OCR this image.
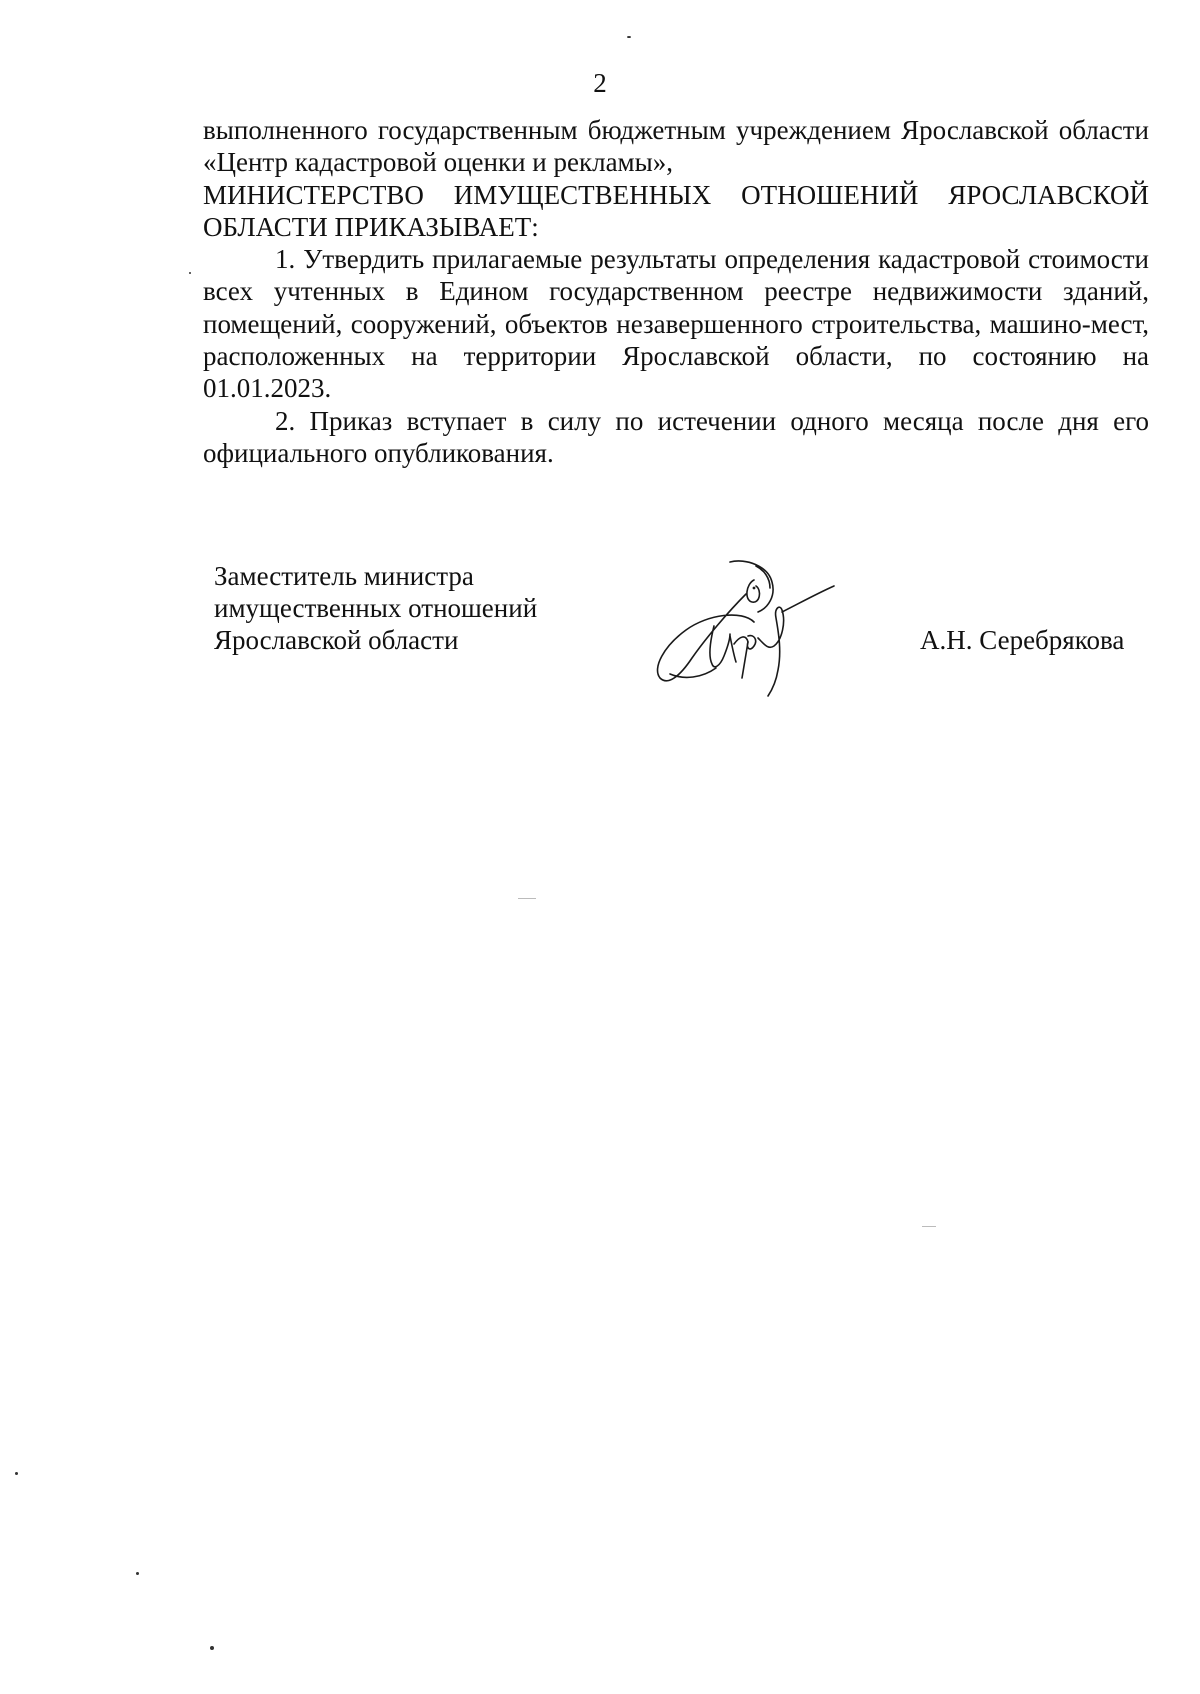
2

выполненного государственным бюджетным учреждением Ярославской области «Центр кадастровой оценки и рекламы»,

МИНИСТЕРСТВО ИМУЩЕСТВЕННЫХ ОТНОШЕНИЙ ЯРОСЛАВСКОЙ ОБЛАСТИ ПРИКАЗЫВАЕТ:

1. Утвердить прилагаемые результаты определения кадастровой стоимости всех учтенных в Едином государственном реестре недвижимости зданий, помещений, сооружений, объектов незавершенного строительства, машино-мест, расположенных на территории Ярославской области, по состоянию на 01.01.2023.

2. Приказ вступает в силу по истечении одного месяца после дня его официального опубликования.

Заместитель министра
имущественных отношений
Ярославской области	А.Н. Серебрякова
